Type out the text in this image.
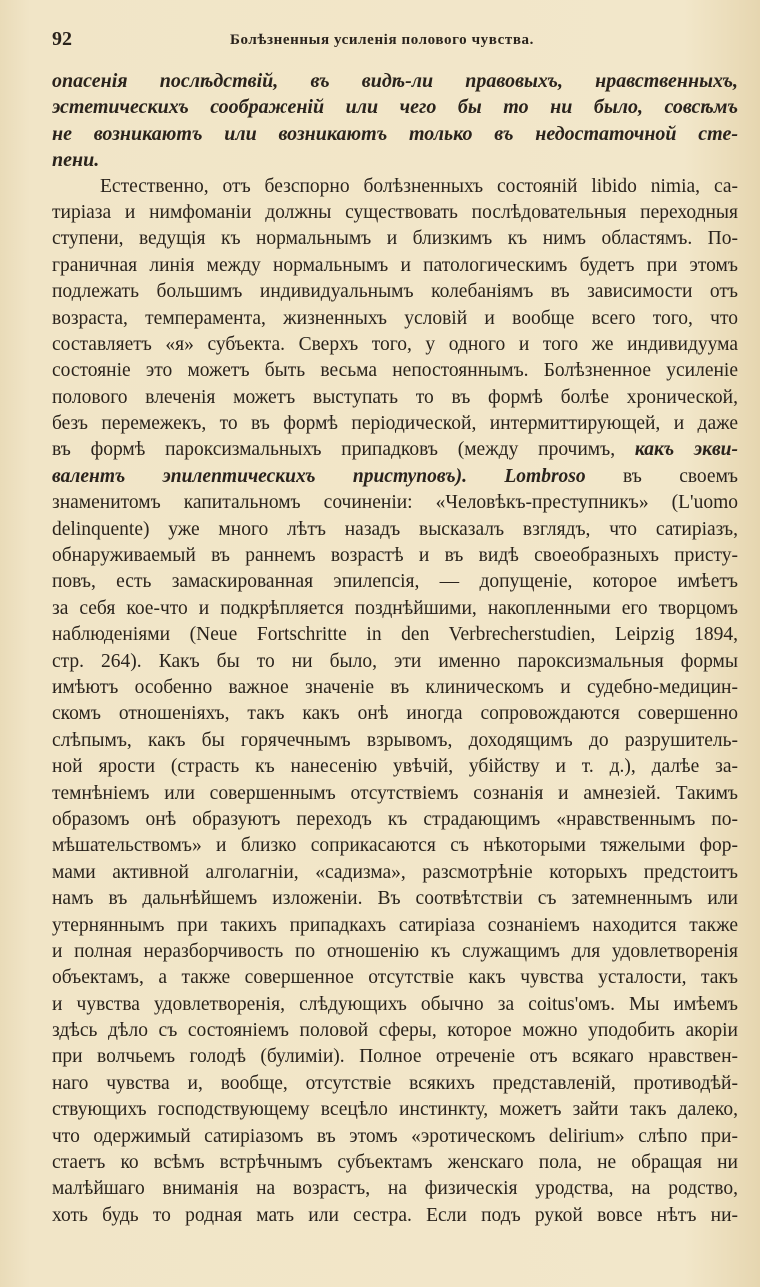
92	Болѣзненныя усиленія полового чувства.
опасенія послѣдствій, въ видѣ-ли правовыхъ, нравственныхъ,
эстетическихъ соображеній или чего бы то ни было, совсѣмъ
не возникаютъ или возникаютъ только въ недостаточной сте-
пени.
Естественно, отъ безспорно болѣзненныхъ состояній libido nimia, са-
тиріаза и нимфоманіи должны существовать послѣдовательныя переходныя
ступени, ведущія къ нормальнымъ и близкимъ къ нимъ областямъ. По-
граничная линія между нормальнымъ и патологическимъ будетъ при этомъ
подлежать большимъ индивидуальнымъ колебаніямъ въ зависимости отъ
возраста, темперамента, жизненныхъ условій и вообще всего того, что
составляетъ «я» субъекта. Сверхъ того, у одного и того же индивидуума
состояніе это можетъ быть весьма непостояннымъ. Болѣзненное усиленіе
полового влеченія можетъ выступать то въ формѣ болѣе хронической,
безъ перемежекъ, то въ формѣ періодической, интермиттирующей, и даже
въ формѣ пароксизмальныхъ припадковъ (между прочимъ, какъ экви-
валентъ эпилептическихъ приступовъ). Lombroso въ своемъ
знаменитомъ капитальномъ сочиненіи: «Человѣкъ-преступникъ» (L'uomo
delinquente) уже много лѣтъ назадъ высказалъ взглядъ, что сатиріазъ,
обнаруживаемый въ раннемъ возрастѣ и въ видѣ своеобразныхъ присту-
повъ, есть замаскированная эпилепсія, — допущеніе, которое имѣетъ
за себя кое-что и подкрѣпляется позднѣйшими, накопленными его творцомъ
наблюденіями (Neue Fortschritte in den Verbrecherstudien, Leipzig 1894,
стр. 264). Какъ бы то ни было, эти именно пароксизмальныя формы
имѣютъ особенно важное значеніе въ клиническомъ и судебно-медицин-
скомъ отношеніяхъ, такъ какъ онѣ иногда сопровождаются совершенно
слѣпымъ, какъ бы горячечнымъ взрывомъ, доходящимъ до разрушитель-
ной ярости (страсть къ нанесенію увѣчій, убійству и т. д.), далѣе за-
темнѣніемъ или совершеннымъ отсутствіемъ сознанія и амнезіей. Такимъ
образомъ онѣ образуютъ переходъ къ страдающимъ «нравственнымъ по-
мѣшательствомъ» и близко соприкасаются съ нѣкоторыми тяжелыми фор-
мами активной алголагніи, «садизма», разсмотрѣніе которыхъ предстоитъ
намъ въ дальнѣйшемъ изложеніи. Въ соотвѣтствіи съ затемненнымъ или
утерняннымъ при такихъ припадкахъ сатиріаза сознаніемъ находится также
и полная неразборчивость по отношенію къ служащимъ для удовлетворенія
объектамъ, а также совершенное отсутствіе какъ чувства усталости, такъ
и чувства удовлетворенія, слѣдующихъ обычно за coitus'омъ. Мы имѣемъ
здѣсь дѣло съ состояніемъ половой сферы, которое можно уподобить акоріи
при волчьемъ голодѣ (булиміи). Полное отреченіе отъ всякаго нравствен-
наго чувства и, вообще, отсутствіе всякихъ представленій, противодѣй-
ствующихъ господствующему всецѣло инстинкту, можетъ зайти такъ далеко,
что одержимый сатиріазомъ въ этомъ «эротическомъ delirium» слѣпо при-
стаетъ ко всѣмъ встрѣчнымъ субъектамъ женскаго пола, не обращая ни
малѣйшаго вниманія на возрастъ, на физическія уродства, на родство,
хоть будь то родная мать или сестра. Если подъ рукой вовсе нѣтъ ни-
